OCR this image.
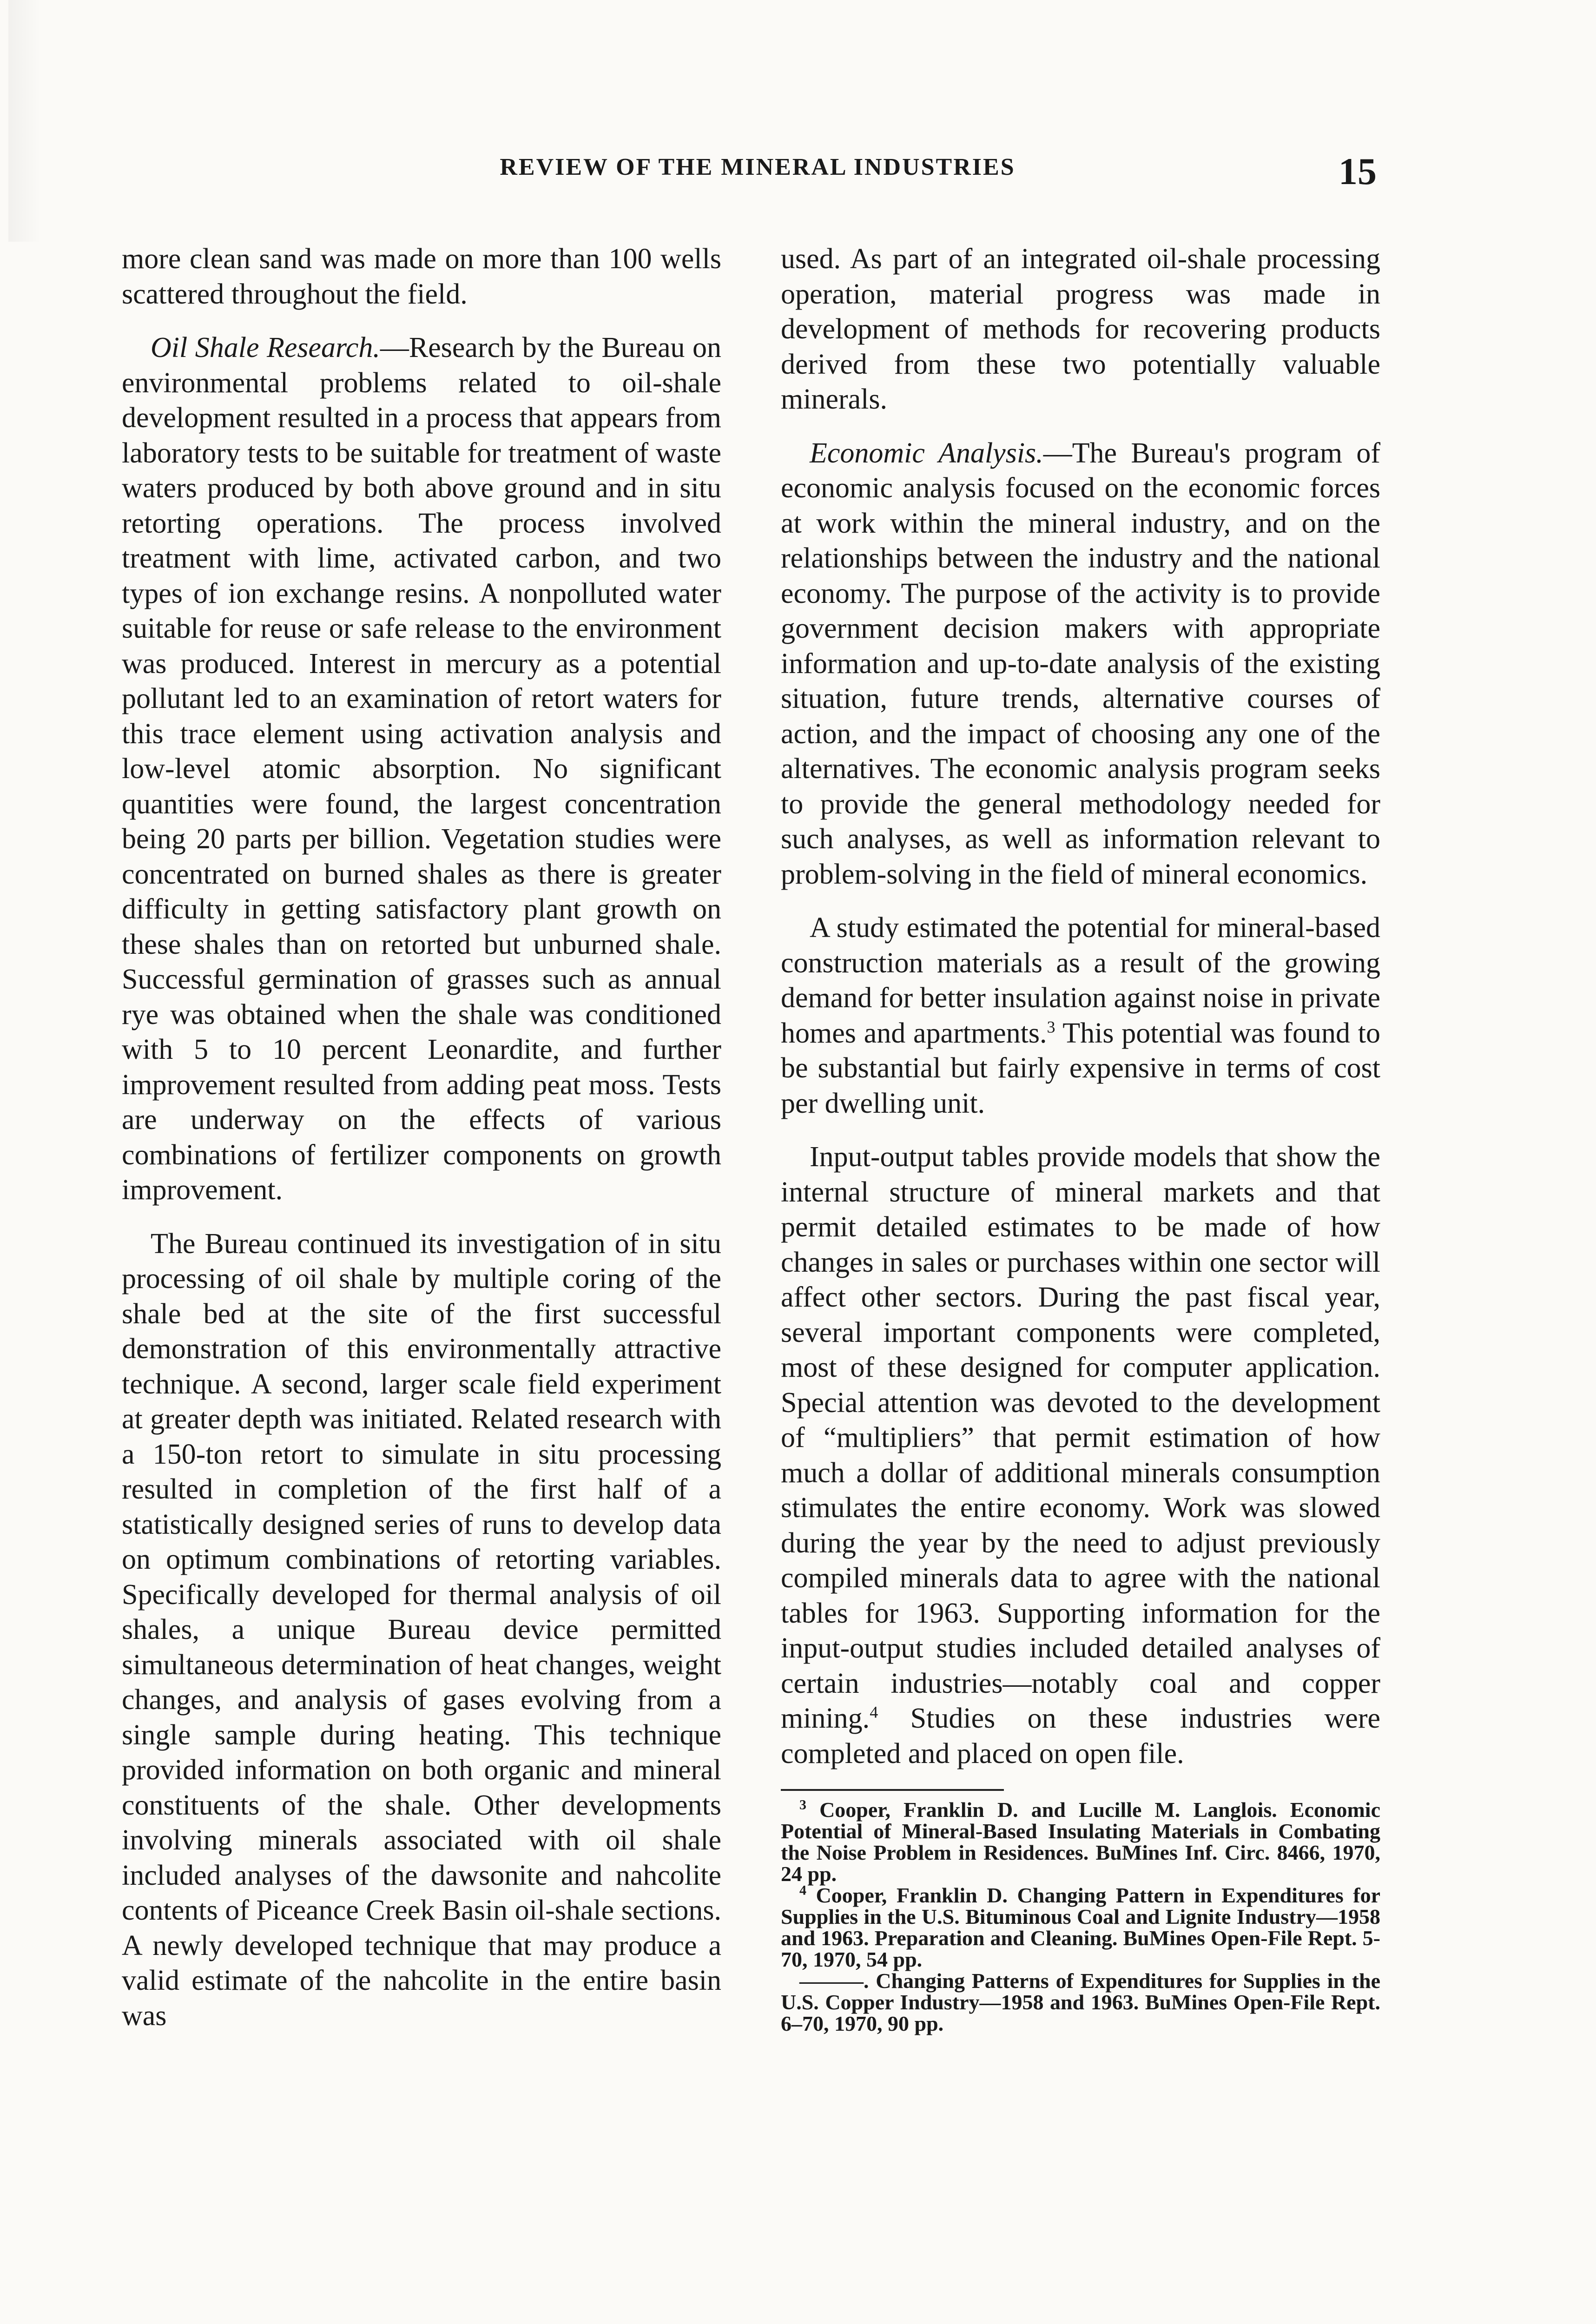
REVIEW OF THE MINERAL INDUSTRIES	15

more clean sand was made on more than 100 wells scattered throughout the field.

Oil Shale Research.—Research by the Bureau on environmental problems related to oil-shale development resulted in a process that appears from laboratory tests to be suitable for treatment of waste waters produced by both above ground and in situ retorting operations. The process involved treatment with lime, activated carbon, and two types of ion exchange resins. A nonpolluted water suitable for reuse or safe release to the environment was produced. Interest in mercury as a potential pollutant led to an examination of retort waters for this trace element using activation analysis and low-level atomic absorption. No significant quantities were found, the largest concentration being 20 parts per billion. Vegetation studies were concentrated on burned shales as there is greater difficulty in getting satisfactory plant growth on these shales than on retorted but unburned shale. Successful germination of grasses such as annual rye was obtained when the shale was conditioned with 5 to 10 percent Leonardite, and further improvement resulted from adding peat moss. Tests are underway on the effects of various combinations of fertilizer components on growth improvement.

The Bureau continued its investigation of in situ processing of oil shale by multiple coring of the shale bed at the site of the first successful demonstration of this environmentally attractive technique. A second, larger scale field experiment at greater depth was initiated. Related research with a 150-ton retort to simulate in situ processing resulted in completion of the first half of a statistically designed series of runs to develop data on optimum combinations of retorting variables. Specifically developed for thermal analysis of oil shales, a unique Bureau device permitted simultaneous determination of heat changes, weight changes, and analysis of gases evolving from a single sample during heating. This technique provided information on both organic and mineral constituents of the shale. Other developments involving minerals associated with oil shale included analyses of the dawsonite and nahcolite contents of Piceance Creek Basin oil-shale sections. A newly developed technique that may produce a valid estimate of the nahcolite in the entire basin was

used. As part of an integrated oil-shale processing operation, material progress was made in development of methods for recovering products derived from these two potentially valuable minerals.

Economic Analysis.—The Bureau's program of economic analysis focused on the economic forces at work within the mineral industry, and on the relationships between the industry and the national economy. The purpose of the activity is to provide government decision makers with appropriate information and up-to-date analysis of the existing situation, future trends, alternative courses of action, and the impact of choosing any one of the alternatives. The economic analysis program seeks to provide the general methodology needed for such analyses, as well as information relevant to problem-solving in the field of mineral economics.

A study estimated the potential for mineral-based construction materials as a result of the growing demand for better insulation against noise in private homes and apartments.$^3$ This potential was found to be substantial but fairly expensive in terms of cost per dwelling unit.

Input-output tables provide models that show the internal structure of mineral markets and that permit detailed estimates to be made of how changes in sales or purchases within one sector will affect other sectors. During the past fiscal year, several important components were completed, most of these designed for computer application. Special attention was devoted to the development of “multipliers” that permit estimation of how much a dollar of additional minerals consumption stimulates the entire economy. Work was slowed during the year by the need to adjust previously compiled minerals data to agree with the national tables for 1963. Supporting information for the input-output studies included detailed analyses of certain industries—notably coal and copper mining.$^4$ Studies on these industries were completed and placed on open file.

$^3$ Cooper, Franklin D. and Lucille M. Langlois. Economic Potential of Mineral-Based Insulating Materials in Combating the Noise Problem in Residences. BuMines Inf. Circ. 8466, 1970, 24 pp.

$^4$ Cooper, Franklin D. Changing Pattern in Expenditures for Supplies in the U.S. Bituminous Coal and Lignite Industry—1958 and 1963. Preparation and Cleaning. BuMines Open-File Rept. 5-70, 1970, 54 pp.

———. Changing Patterns of Expenditures for Supplies in the U.S. Copper Industry—1958 and 1963. BuMines Open-File Rept. 6–70, 1970, 90 pp.
